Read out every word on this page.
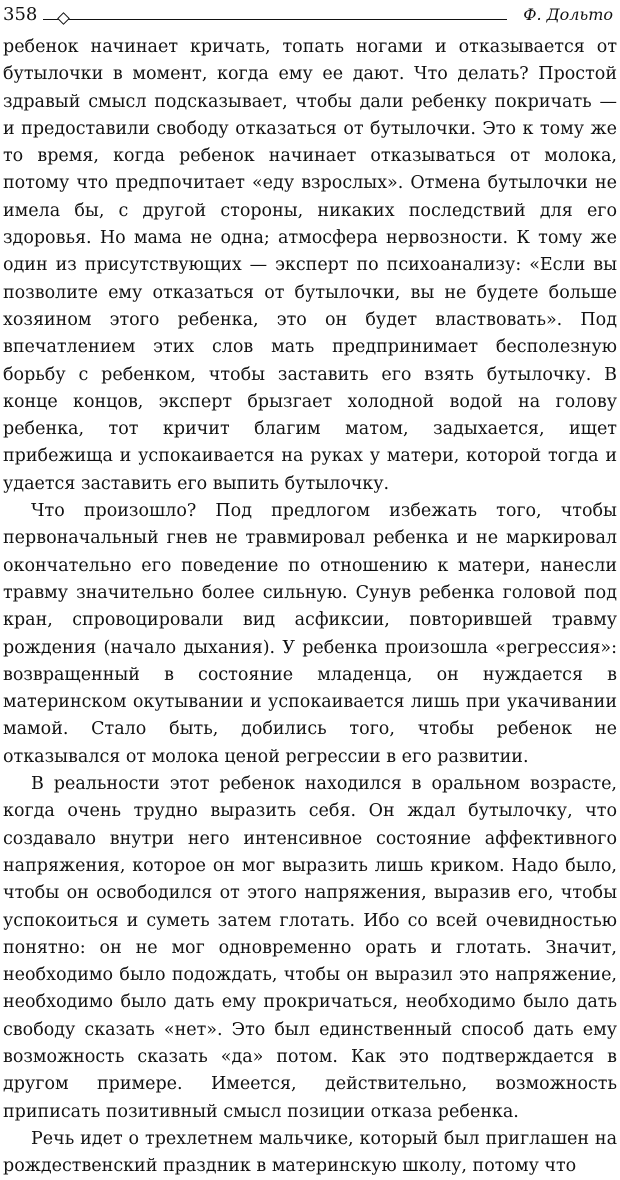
358	Ф. Дольто

ребенок начинает кричать, топать ногами и отказывается от бутылочки в момент, когда ему ее дают. Что делать? Простой здравый смысл подсказывает, чтобы дали ребенку покричать — и предоставили свободу отказаться от бутылочки. Это к тому же то время, когда ребенок начинает отказываться от молока, потому что предпочитает «еду взрослых». Отмена бутылочки не имела бы, с другой стороны, никаких последствий для его здоровья. Но мама не одна; атмосфера нервозности. К тому же один из присутствующих — эксперт по психоанализу: «Если вы позволите ему отказаться от бутылочки, вы не будете больше хозяином этого ребенка, это он будет властвовать». Под впечатлением этих слов мать предпринимает бесполезную борьбу с ребенком, чтобы заставить его взять бутылочку. В конце концов, эксперт брызгает холодной водой на голову ребенка, тот кричит благим матом, задыхается, ищет прибежища и успокаивается на руках у матери, которой тогда и удается заставить его выпить бутылочку.

Что произошло? Под предлогом избежать того, чтобы первоначальный гнев не травмировал ребенка и не маркировал окончательно его поведение по отношению к матери, нанесли травму значительно более сильную. Сунув ребенка головой под кран, спровоцировали вид асфиксии, повторившей травму рождения (начало дыхания). У ребенка произошла «регрессия»: возвращенный в состояние младенца, он нуждается в материнском окутывании и успокаивается лишь при укачивании мамой. Стало быть, добились того, чтобы ребенок не отказывался от молока ценой регрессии в его развитии.

В реальности этот ребенок находился в оральном возрасте, когда очень трудно выразить себя. Он ждал бутылочку, что создавало внутри него интенсивное состояние аффективного напряжения, которое он мог выразить лишь криком. Надо было, чтобы он освободился от этого напряжения, выразив его, чтобы успокоиться и суметь затем глотать. Ибо со всей очевидностью понятно: он не мог одновременно орать и глотать. Значит, необходимо было подождать, чтобы он выразил это напряжение, необходимо было дать ему прокричаться, необходимо было дать свободу сказать «нет». Это был единственный способ дать ему возможность сказать «да» потом. Как это подтверждается в другом примере. Имеется, действительно, возможность приписать позитивный смысл позиции отказа ребенка.

Речь идет о трехлетнем мальчике, который был приглашен на рождественский праздник в материнскую школу, потому что
